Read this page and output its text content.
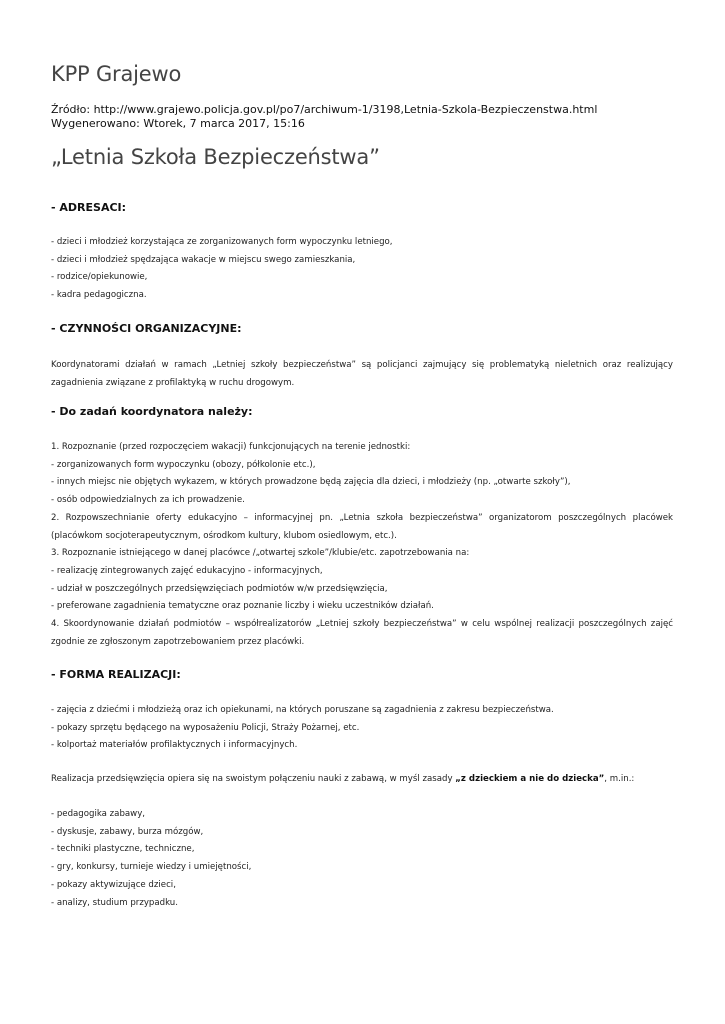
KPP Grajewo
Źródło: http://www.grajewo.policja.gov.pl/po7/archiwum-1/3198,Letnia-Szkola-Bezpieczenstwa.html
Wygenerowano: Wtorek, 7 marca 2017, 15:16
„Letnia Szkoła Bezpieczeństwa”
- ADRESACI:
- dzieci i młodzież korzystająca ze zorganizowanych form wypoczynku letniego,
- dzieci i młodzież spędzająca wakacje w miejscu swego zamieszkania,
- rodzice/opiekunowie,
- kadra pedagogiczna.
- CZYNNOŚCI ORGANIZACYJNE:

Koordynatorami działań w ramach „Letniej szkoły bezpieczeństwa” są policjanci zajmujący się problematyką nieletnich oraz realizujący zagadnienia związane z profilaktyką w ruchu drogowym.

- Do zadań koordynatora należy:
1. Rozpoznanie (przed rozpoczęciem wakacji) funkcjonujących na terenie jednostki:
- zorganizowanych form wypoczynku (obozy, półkolonie etc.),
- innych miejsc nie objętych wykazem, w których prowadzone będą zajęcia dla dzieci, i młodzieży (np. „otwarte szkoły”),
- osób odpowiedzialnych za ich prowadzenie.
2. Rozpowszechnianie oferty edukacyjno – informacyjnej pn. „Letnia szkoła bezpieczeństwa” organizatorom poszczególnych placówek (placówkom socjoterapeutycznym, ośrodkom kultury, klubom osiedlowym, etc.).
3. Rozpoznanie istniejącego w danej placówce /„otwartej szkole”/klubie/etc. zapotrzebowania na:
- realizację zintegrowanych zajęć edukacyjno - informacyjnych,
- udział w poszczególnych przedsięwzięciach podmiotów w/w przedsięwzięcia,
- preferowane zagadnienia tematyczne oraz poznanie liczby i wieku uczestników działań.
4. Skoordynowanie działań podmiotów – współrealizatorów „Letniej szkoły bezpieczeństwa” w celu wspólnej realizacji poszczególnych zajęć zgodnie ze zgłoszonym zapotrzebowaniem przez placówki.
- FORMA REALIZACJI:
- zajęcia z dziećmi i młodzieżą oraz ich opiekunami, na których poruszane są zagadnienia z zakresu bezpieczeństwa.
- pokazy sprzętu będącego na wyposażeniu Policji, Straży Pożarnej, etc.
- kolportaż materiałów profilaktycznych i informacyjnych.

Realizacja przedsięwzięcia opiera się na swoistym połączeniu nauki z zabawą, w myśl zasady „z dzieckiem a nie do dziecka”, m.in.:

- pedagogika zabawy,
- dyskusje, zabawy, burza mózgów,
- techniki plastyczne, techniczne,
- gry, konkursy, turnieje wiedzy i umiejętności,
- pokazy aktywizujące dzieci,
- analizy, studium przypadku.
